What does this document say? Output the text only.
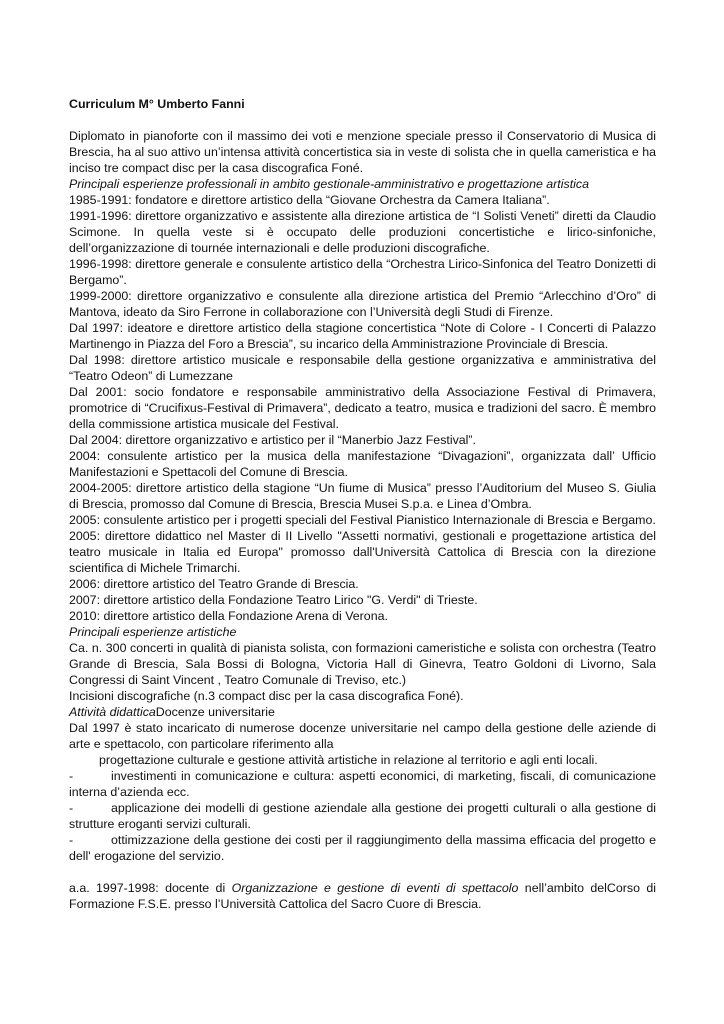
Curriculum M° Umberto Fanni

Diplomato in pianoforte con il massimo dei voti e menzione speciale presso il Conservatorio di Musica di Brescia, ha al suo attivo un’intensa attività concertistica sia in veste di solista che in quella cameristica e ha inciso tre compact disc per la casa discografica Foné.

Principali esperienze professionali in ambito gestionale-amministrativo e progettazione artistica

1985-1991: fondatore e direttore artistico della “Giovane Orchestra da Camera Italiana”.

1991-1996: direttore organizzativo e assistente alla direzione artistica de “I Solisti Veneti” diretti da Claudio Scimone. In quella veste si è occupato delle produzioni concertistiche e lirico-sinfoniche, dell’organizzazione di tournée internazionali e delle produzioni discografiche.

1996-1998: direttore generale e consulente artistico della “Orchestra Lirico-Sinfonica del Teatro Donizetti di Bergamo”.

1999-2000: direttore organizzativo e consulente alla direzione artistica del Premio “Arlecchino d’Oro” di Mantova, ideato da Siro Ferrone in collaborazione con l’Università degli Studi di Firenze.

Dal 1997: ideatore e direttore artistico della stagione concertistica “Note di Colore - I Concerti di Palazzo Martinengo in Piazza del Foro a Brescia”, su incarico della Amministrazione Provinciale di Brescia.

Dal 1998: direttore artistico musicale e responsabile della gestione organizzativa e amministrativa del “Teatro Odeon” di Lumezzane

Dal 2001: socio fondatore e responsabile amministrativo della Associazione Festival di Primavera, promotrice di “Crucifixus-Festival di Primavera”, dedicato a teatro, musica e tradizioni del sacro. È membro della commissione artistica musicale del Festival.

Dal 2004: direttore organizzativo e artistico per il “Manerbio Jazz Festival”.

2004: consulente artistico per la musica della manifestazione “Divagazioni”, organizzata dall’ Ufficio Manifestazioni e Spettacoli del Comune di Brescia.

2004-2005: direttore artistico della stagione “Un fiume di Musica” presso l’Auditorium del Museo S. Giulia di Brescia, promosso dal Comune di Brescia, Brescia Musei S.p.a. e Linea d’Ombra.

2005: consulente artistico per i progetti speciali del Festival Pianistico Internazionale di Brescia e Bergamo.

2005: direttore didattico nel Master di II Livello "Assetti normativi, gestionali e progettazione artistica del teatro musicale in Italia ed Europa" promosso dall'Università Cattolica di Brescia con la direzione scientifica di Michele Trimarchi.

2006: direttore artistico del Teatro Grande di Brescia.

2007: direttore artistico della Fondazione Teatro Lirico "G. Verdi" di Trieste.

2010: direttore artistico della Fondazione Arena di Verona.

Principali esperienze artistiche

Ca. n. 300 concerti in qualità di pianista solista, con formazioni cameristiche e solista con orchestra (Teatro Grande di Brescia, Sala Bossi di Bologna, Victoria Hall di Ginevra, Teatro Goldoni di Livorno, Sala Congressi di Saint Vincent , Teatro Comunale di Treviso, etc.)

Incisioni discografiche (n.3 compact disc per la casa discografica Foné).

Attività didatticaDocenze universitarie

Dal 1997 è stato incaricato di numerose docenze universitarie nel campo della gestione delle aziende di arte e spettacolo, con particolare riferimento alla

progettazione culturale e gestione attività artistiche in relazione al territorio e agli enti locali.

-	investimenti in comunicazione e cultura: aspetti economici, di marketing, fiscali, di comunicazione interna d’azienda ecc.

-	applicazione dei modelli di gestione aziendale alla gestione dei progetti culturali o alla gestione di strutture eroganti servizi culturali.

-	ottimizzazione della gestione dei costi per il raggiungimento della massima efficacia del progetto e dell' erogazione del servizio.

a.a. 1997-1998: docente di Organizzazione e gestione di eventi di spettacolo nell’ambito delCorso di Formazione F.S.E. presso l’Università Cattolica del Sacro Cuore di Brescia.
